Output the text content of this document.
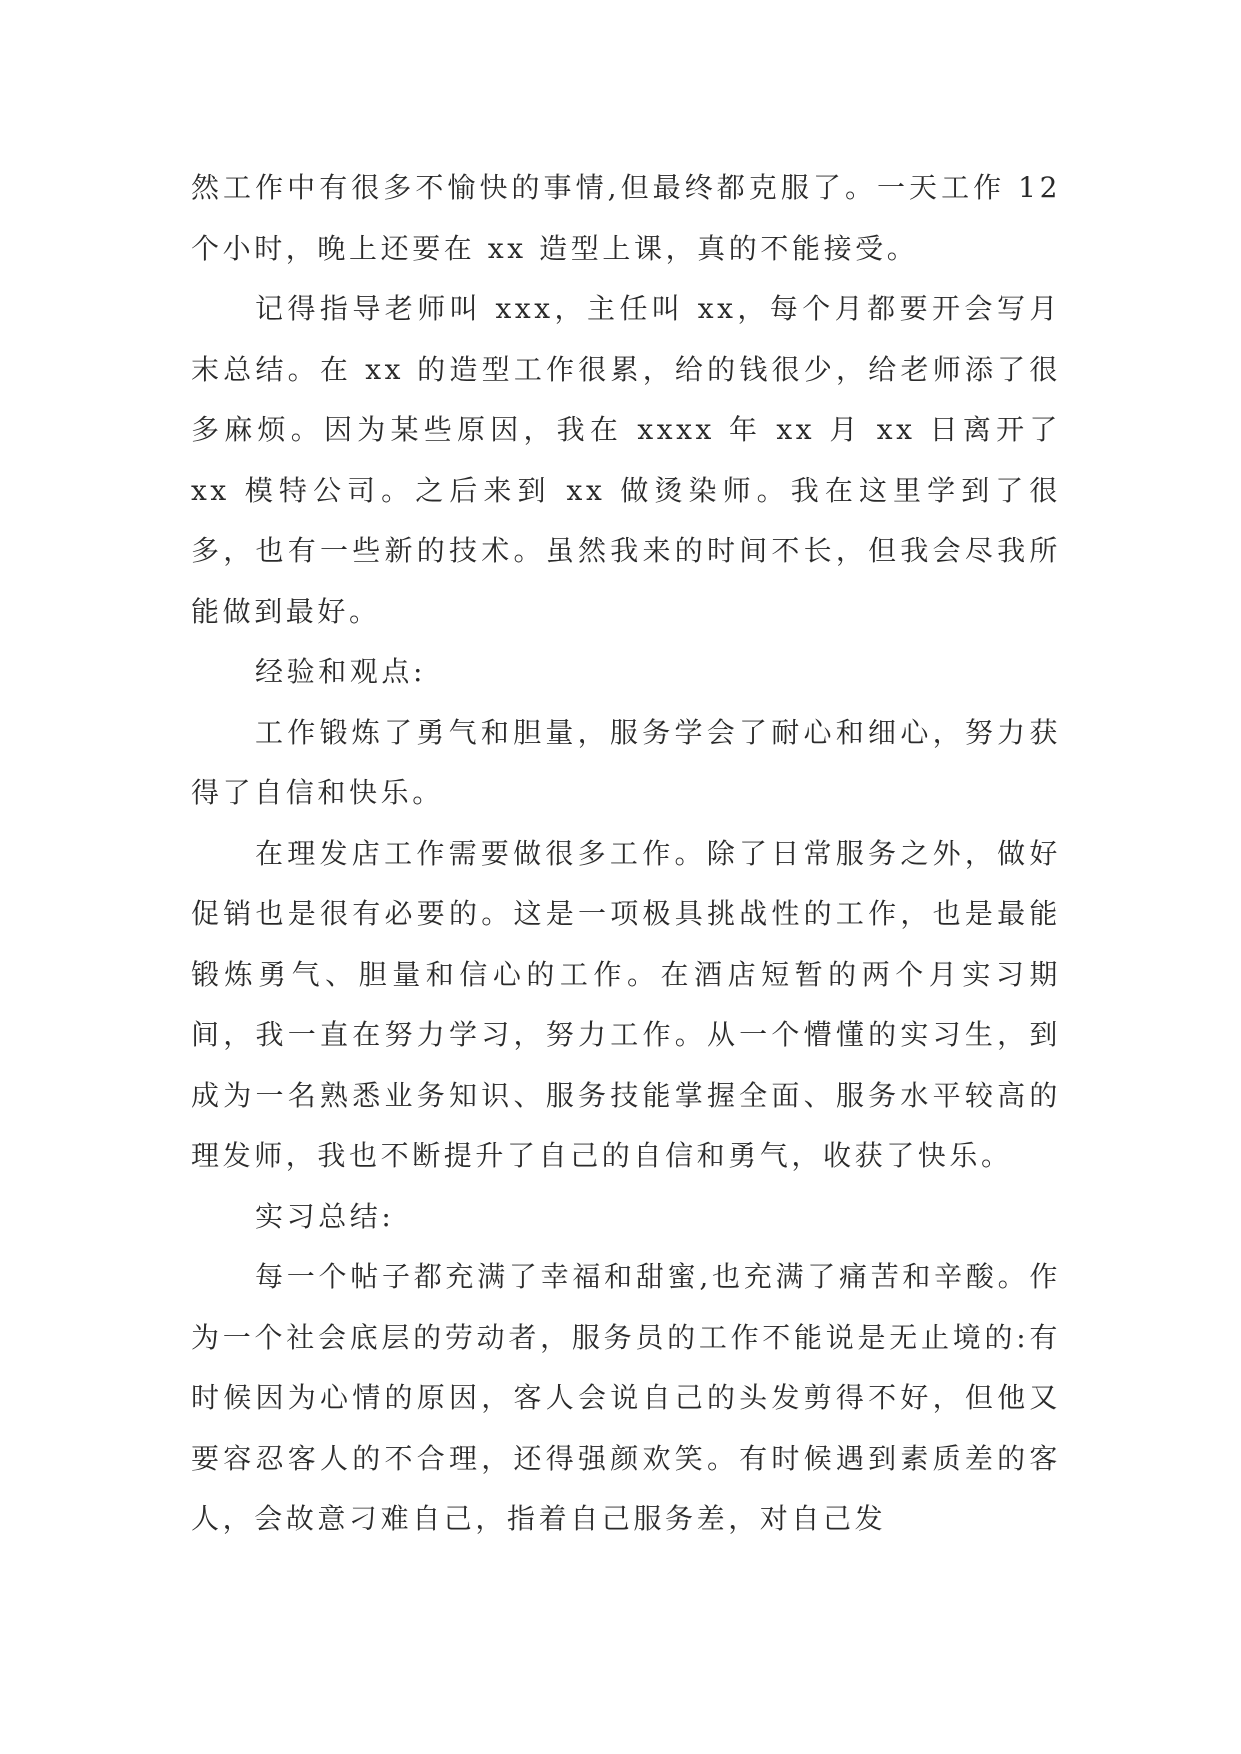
然工作中有很多不愉快的事情,但最终都克服了。一天工作 12 个小时，晚上还要在 xx 造型上课，真的不能接受。

记得指导老师叫 xxx，主任叫 xx，每个月都要开会写月末总结。在 xx 的造型工作很累，给的钱很少，给老师添了很多麻烦。因为某些原因，我在 xxxx 年 xx 月 xx 日离开了 xx 模特公司。之后来到 xx 做烫染师。我在这里学到了很多，也有一些新的技术。虽然我来的时间不长，但我会尽我所能做到最好。

经验和观点:

工作锻炼了勇气和胆量，服务学会了耐心和细心，努力获得了自信和快乐。

在理发店工作需要做很多工作。除了日常服务之外，做好促销也是很有必要的。这是一项极具挑战性的工作，也是最能锻炼勇气、胆量和信心的工作。在酒店短暂的两个月实习期间，我一直在努力学习，努力工作。从一个懵懂的实习生，到成为一名熟悉业务知识、服务技能掌握全面、服务水平较高的理发师，我也不断提升了自己的自信和勇气，收获了快乐。

实习总结:

每一个帖子都充满了幸福和甜蜜,也充满了痛苦和辛酸。作为一个社会底层的劳动者，服务员的工作不能说是无止境的:有时候因为心情的原因，客人会说自己的头发剪得不好，但他又要容忍客人的不合理，还得强颜欢笑。有时候遇到素质差的客人，会故意刁难自己，指着自己服务差，对自己发
